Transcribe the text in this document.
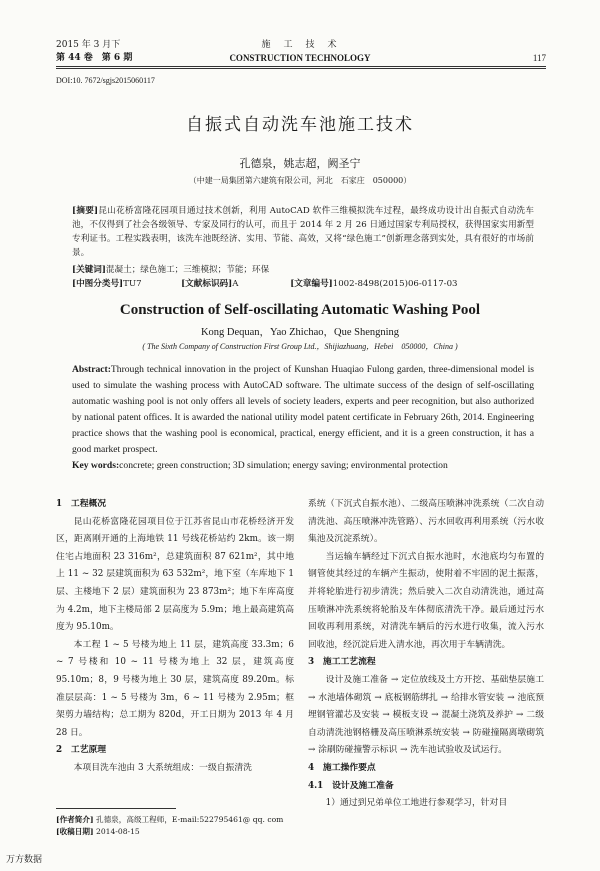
2015 年 3 月下
第 44 卷　第 6 期
施　工　技　术
CONSTRUCTION TECHNOLOGY	117
DOI:10. 7672/sgjs2015060117
自振式自动洗车池施工技术
孔德泉，姚志超，阙圣宁
（中建一局集团第六建筑有限公司，河北　石家庄　050000）
[摘要]昆山花桥富隆花园项目通过技术创新，利用 AutoCAD 软件三维模拟洗车过程，最终成功设计出自振式自动洗车池，不仅得到了社会各级领导、专家及同行的认可，而且于 2014 年 2 月 26 日通过国家专利局授权，获得国家实用新型专利证书。工程实践表明，该洗车池既经济、实用、节能、高效，又将“绿色施工”创新理念落到实处，具有很好的市场前景。
[关键词]混凝土；绿色施工；三维模拟；节能；环保
[中图分类号]TU7	[文献标识码]A	[文章编号]1002-8498(2015)06-0117-03
Construction of Self-oscillating Automatic Washing Pool
Kong Dequan，Yao Zhichao，Que Shengning
( The Sixth Company of Construction First Group Ltd.，Shijiazhuang，Hebei　050000，China )
Abstract:Through technical innovation in the project of Kunshan Huaqiao Fulong garden, three-dimensional model is used to simulate the washing process with AutoCAD software. The ultimate success of the design of self-oscillating automatic washing pool is not only offers all levels of society leaders, experts and peer recognition, but also authorized by national patent offices. It is awarded the national utility model patent certificate in February 26th, 2014. Engineering practice shows that the washing pool is economical, practical, energy efficient, and it is a green construction, it has a good market prospect.
Key words:concrete; green construction; 3D simulation; energy saving; environmental protection

1　工程概况

昆山花桥富隆花园项目位于江苏省昆山市花桥经济开发区，距离刚开通的上海地铁 11 号线花桥站约 2km。该一期住宅占地面积 23 316m²，总建筑面积 87 621m²，其中地上 11 ~ 32 层建筑面积为 63 532m²，地下室（车库地下 1 层、主楼地下 2 层）建筑面积为 23 873m²；地下车库高度为 4.2m，地下主楼局部 2 层高度为 5.9m；地上最高建筑高度为 95.10m。

本工程 1 ~ 5 号楼为地上 11 层，建筑高度 33.3m；6 ~ 7 号楼和 10 ~ 11 号楼为地上 32 层，建筑高度 95.10m；8，9 号楼为地上 30 层，建筑高度 89.20m。标准层层高：1 ~ 5 号楼为 3m，6 ~ 11 号楼为 2.95m；框架剪力墙结构；总工期为 820d，开工日期为 2013 年 4 月 28 日。

2　工艺原理

本项目洗车池由 3 大系统组成：一级自振清洗

[作者简介] 孔德泉，高级工程师，E-mail:522795461@ qq. com
[收稿日期] 2014-08-15

系统（下沉式自振水池）、二级高压喷淋冲洗系统（二次自动清洗池、高压喷淋冲洗管路）、污水回收再利用系统（污水收集池及沉淀系统）。

当运输车辆经过下沉式自振水池时，水池底均匀布置的钢管使其经过的车辆产生振动，使附着不牢固的泥土振落，并将轮胎进行初步清洗；然后驶入二次自动清洗池，通过高压喷淋冲洗系统将轮胎及车体彻底清洗干净。最后通过污水回收再利用系统，对清洗车辆后的污水进行收集，流入污水回收池，经沉淀后进入清水池，再次用于车辆清洗。

3　施工工艺流程

设计及施工准备 → 定位放线及土方开挖、基础垫层施工 → 水池墙体砌筑 → 底板钢筋绑扎 → 给排水管安装 → 池底预埋钢管灌芯及安装 → 模板支设 → 混凝土浇筑及养护 → 二级自动清洗池钢格栅及高压喷淋系统安装 → 防碰撞隔离墩砌筑 → 涂刷防碰撞警示标识 → 洗车池试验收及试运行。

4　施工操作要点

4.1　设计及施工准备

1）通过到兄弟单位工地进行参观学习，针对目

万方数据
